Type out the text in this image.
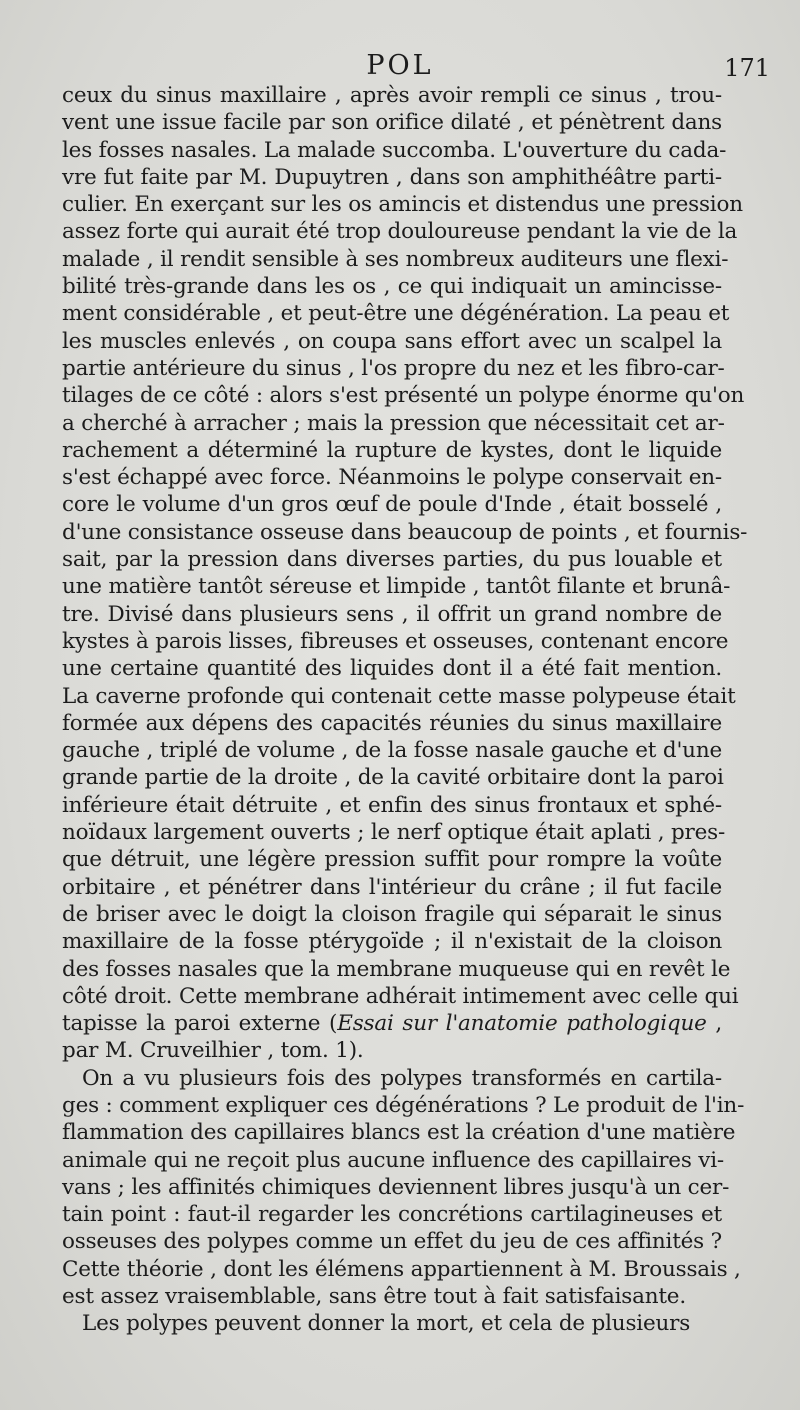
POL	171
ceux du sinus maxillaire , après avoir rempli ce sinus , trou-
vent une issue facile par son orifice dilaté , et pénètrent dans
les fosses nasales. La malade succomba. L'ouverture du cada-
vre fut faite par M. Dupuytren , dans son amphithéâtre parti-
culier. En exerçant sur les os amincis et distendus une pression
assez forte qui aurait été trop douloureuse pendant la vie de la
malade , il rendit sensible à ses nombreux auditeurs une flexi-
bilité très-grande dans les os , ce qui indiquait un amincisse-
ment considérable , et peut-être une dégénération. La peau et
les muscles enlevés , on coupa sans effort avec un scalpel la
partie antérieure du sinus , l'os propre du nez et les fibro-car-
tilages de ce côté : alors s'est présenté un polype énorme qu'on
a cherché à arracher ; mais la pression que nécessitait cet ar-
rachement a déterminé la rupture de kystes, dont le liquide
s'est échappé avec force. Néanmoins le polype conservait en-
core le volume d'un gros œuf de poule d'Inde , était bosselé ,
d'une consistance osseuse dans beaucoup de points , et fournis-
sait, par la pression dans diverses parties, du pus louable et
une matière tantôt séreuse et limpide , tantôt filante et brunâ-
tre. Divisé dans plusieurs sens , il offrit un grand nombre de
kystes à parois lisses, fibreuses et osseuses, contenant encore
une certaine quantité des liquides dont il a été fait mention.
La caverne profonde qui contenait cette masse polypeuse était
formée aux dépens des capacités réunies du sinus maxillaire
gauche , triplé de volume , de la fosse nasale gauche et d'une
grande partie de la droite , de la cavité orbitaire dont la paroi
inférieure était détruite , et enfin des sinus frontaux et sphé-
noïdaux largement ouverts ; le nerf optique était aplati , pres-
que détruit, une légère pression suffit pour rompre la voûte
orbitaire , et pénétrer dans l'intérieur du crâne ; il fut facile
de briser avec le doigt la cloison fragile qui séparait le sinus
maxillaire de la fosse ptérygoïde ; il n'existait de la cloison
des fosses nasales que la membrane muqueuse qui en revêt le
côté droit. Cette membrane adhérait intimement avec celle qui
tapisse la paroi externe (Essai sur l'anatomie pathologique ,
par M. Cruveilhier , tom. 1).
On a vu plusieurs fois des polypes transformés en cartila-
ges : comment expliquer ces dégénérations ? Le produit de l'in-
flammation des capillaires blancs est la création d'une matière
animale qui ne reçoit plus aucune influence des capillaires vi-
vans ; les affinités chimiques deviennent libres jusqu'à un cer-
tain point : faut-il regarder les concrétions cartilagineuses et
osseuses des polypes comme un effet du jeu de ces affinités ?
Cette théorie , dont les élémens appartiennent à M. Broussais ,
est assez vraisemblable, sans être tout à fait satisfaisante.
Les polypes peuvent donner la mort, et cela de plusieurs
